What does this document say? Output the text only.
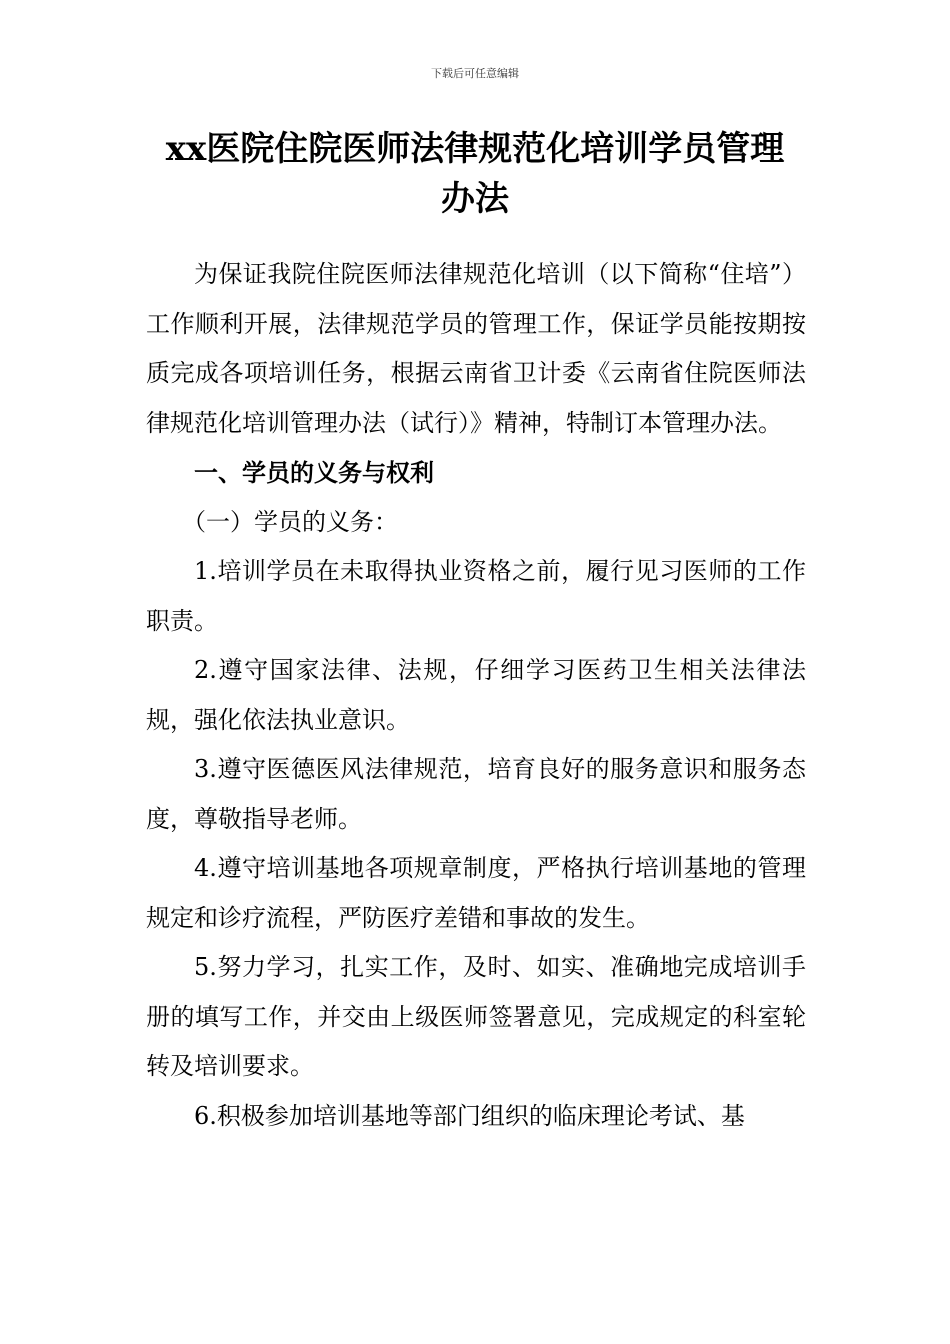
下载后可任意编辑
xx医院住院医师法律规范化培训学员管理
办法

为保证我院住院医师法律规范化培训（以下简称“住培”）工作顺利开展，法律规范学员的管理工作，保证学员能按期按质完成各项培训任务，根据云南省卫计委《云南省住院医师法律规范化培训管理办法（试行）》精神，特制订本管理办法。

一、学员的义务与权利

（一）学员的义务：

1.培训学员在未取得执业资格之前，履行见习医师的工作职责。

2.遵守国家法律、法规，仔细学习医药卫生相关法律法规，强化依法执业意识。

3.遵守医德医风法律规范，培育良好的服务意识和服务态度，尊敬指导老师。

4.遵守培训基地各项规章制度，严格执行培训基地的管理规定和诊疗流程，严防医疗差错和事故的发生。

5.努力学习，扎实工作，及时、如实、准确地完成培训手册的填写工作，并交由上级医师签署意见，完成规定的科室轮转及培训要求。

6.积极参加培训基地等部门组织的临床理论考试、基
